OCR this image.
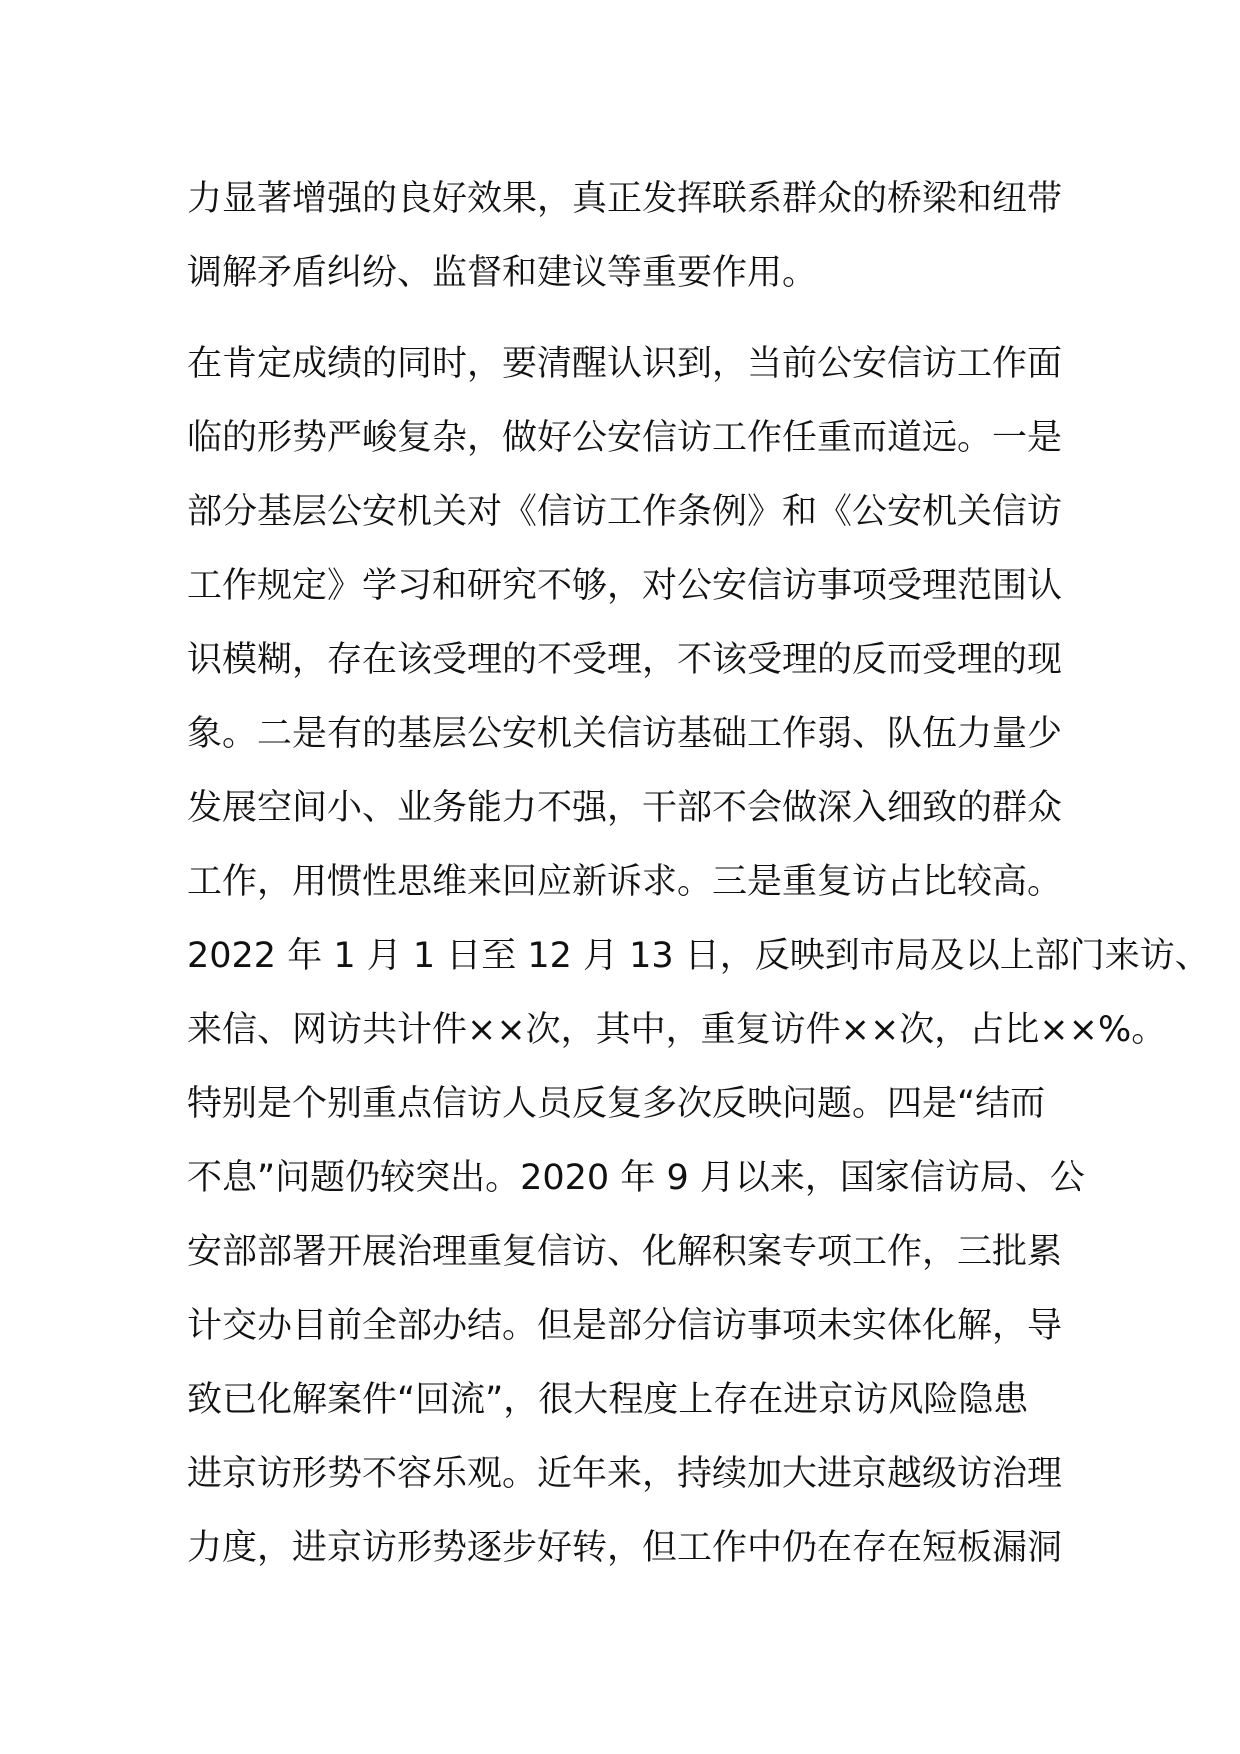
力显著增强的良好效果，真正发挥联系群众的桥梁和纽带
调解矛盾纠纷、监督和建议等重要作用。
在肯定成绩的同时，要清醒认识到，当前公安信访工作面
临的形势严峻复杂，做好公安信访工作任重而道远。一是
部分基层公安机关对《信访工作条例》和《公安机关信访
工作规定》学习和研究不够，对公安信访事项受理范围认
识模糊，存在该受理的不受理，不该受理的反而受理的现
象。二是有的基层公安机关信访基础工作弱、队伍力量少
发展空间小、业务能力不强，干部不会做深入细致的群众
工作，用惯性思维来回应新诉求。三是重复访占比较高。
2022 年 1 月 1 日至 12 月 13 日，反映到市局及以上部门来访、
来信、网访共计件××次，其中，重复访件××次，占比××%。
特别是个别重点信访人员反复多次反映问题。四是“结而
不息”问题仍较突出。2020 年 9 月以来，国家信访局、公
安部部署开展治理重复信访、化解积案专项工作，三批累
计交办目前全部办结。但是部分信访事项未实体化解，导
致已化解案件“回流”，很大程度上存在进京访风险隐患
进京访形势不容乐观。近年来，持续加大进京越级访治理
力度，进京访形势逐步好转，但工作中仍在存在短板漏洞
